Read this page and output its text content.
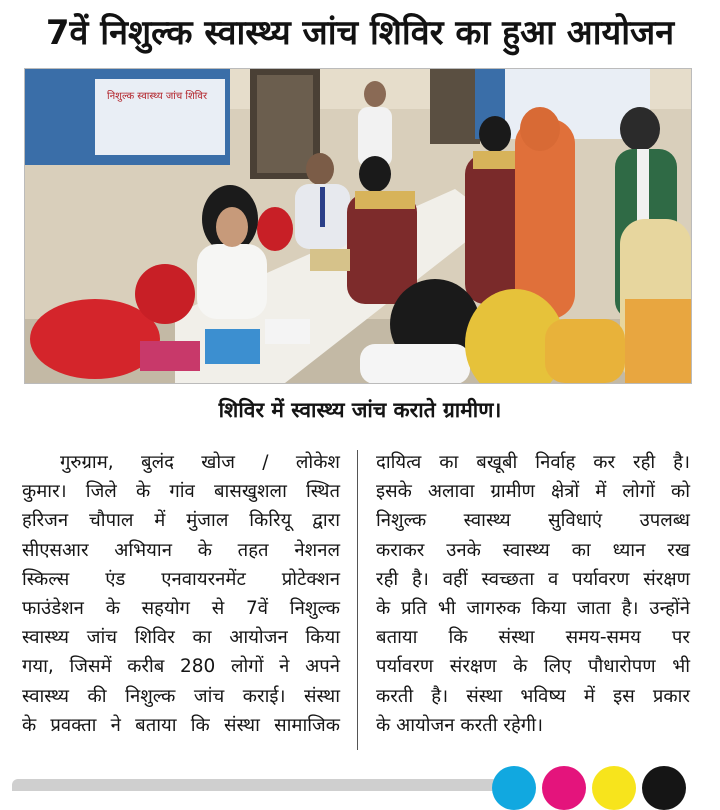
7वें निशुल्क स्वास्थ्य जांच शिविर का हुआ आयोजन
निशुल्क स्वास्थ्य जांच शिविर
शिविर में स्वास्थ्य जांच कराते ग्रामीण।
गुरुग्राम, बुलंद खोज / लोकेश
कुमार। जिले के गांव बासखुशला स्थित
हरिजन चौपाल में मुंजाल किरियू द्वारा
सीएसआर अभियान के तहत नेशनल
स्किल्स एंड एनवायरनमेंट प्रोटेक्शन
फाउंडेशन के सहयोग से 7वें निशुल्क
स्वास्थ्य जांच शिविर का आयोजन किया
गया, जिसमें करीब 280 लोगों ने अपने
स्वास्थ्य की निशुल्क जांच कराई। संस्था
के प्रवक्ता ने बताया कि संस्था सामाजिक
दायित्व का बखूबी निर्वाह कर रही है।
इसके अलावा ग्रामीण क्षेत्रों में लोगों को
निशुल्क स्वास्थ्य सुविधाएं उपलब्ध
कराकर उनके स्वास्थ्य का ध्यान रख
रही है। वहीं स्वच्छता व पर्यावरण संरक्षण
के प्रति भी जागरुक किया जाता है। उन्होंने
बताया कि संस्था समय-समय पर
पर्यावरण संरक्षण के लिए पौधारोपण भी
करती है। संस्था भविष्य में इस प्रकार
के आयोजन करती रहेगी।
